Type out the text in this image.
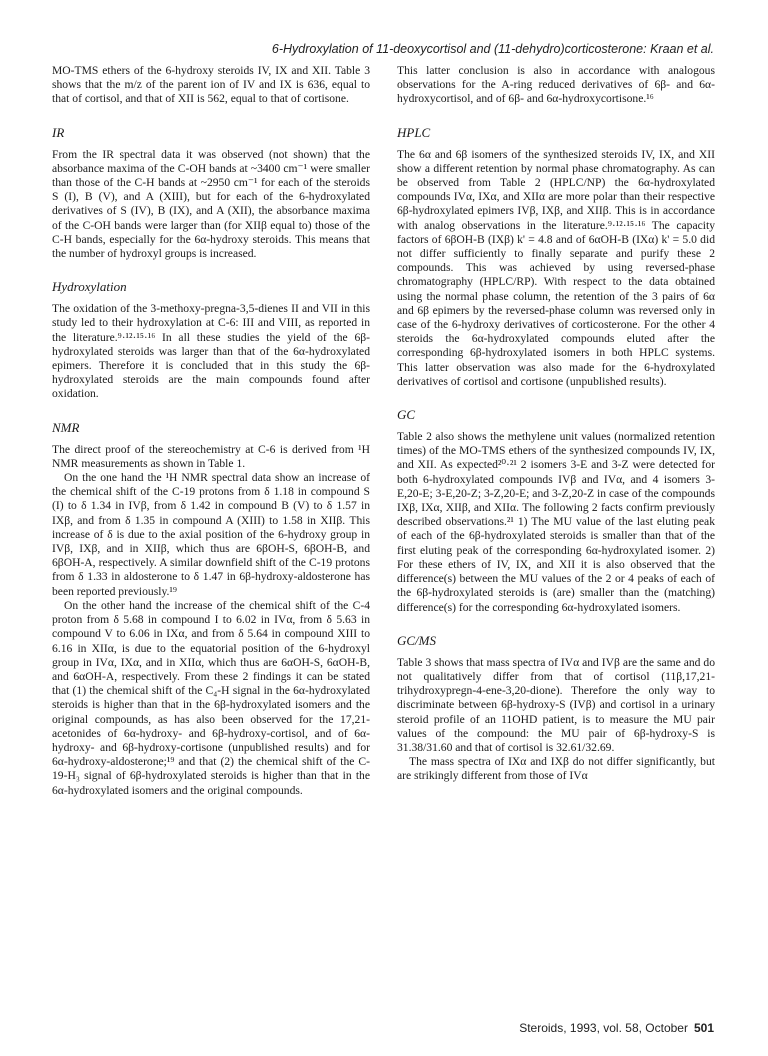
6-Hydroxylation of 11-deoxycortisol and (11-dehydro)corticosterone: Kraan et al.

MO-TMS ethers of the 6-hydroxy steroids IV, IX and XII. Table 3 shows that the m/z of the parent ion of IV and IX is 636, equal to that of cortisol, and that of XII is 562, equal to that of cortisone.

IR

From the IR spectral data it was observed (not shown) that the absorbance maxima of the C-OH bands at ~3400 cm⁻¹ were smaller than those of the C-H bands at ~2950 cm⁻¹ for each of the steroids S (I), B (V), and A (XIII), but for each of the 6-hydroxylated derivatives of S (IV), B (IX), and A (XII), the absorbance maxima of the C-OH bands were larger than (for XIIβ equal to) those of the C-H bands, especially for the 6α-hydroxy steroids. This means that the number of hydroxyl groups is increased.

Hydroxylation

The oxidation of the 3-methoxy-pregna-3,5-dienes II and VII in this study led to their hydroxylation at C-6: III and VIII, as reported in the literature.⁹·¹²·¹⁵·¹⁶ In all these studies the yield of the 6β-hydroxylated steroids was larger than that of the 6α-hydroxylated epimers. Therefore it is concluded that in this study the 6β-hydroxylated steroids are the main compounds found after oxidation.

NMR

The direct proof of the stereochemistry at C-6 is derived from ¹H NMR measurements as shown in Table 1.

On the one hand the ¹H NMR spectral data show an increase of the chemical shift of the C-19 protons from δ 1.18 in compound S (I) to δ 1.34 in IVβ, from δ 1.42 in compound B (V) to δ 1.57 in IXβ, and from δ 1.35 in compound A (XIII) to 1.58 in XIIβ. This increase of δ is due to the axial position of the 6-hydroxy group in IVβ, IXβ, and in XIIβ, which thus are 6βOH-S, 6βOH-B, and 6βOH-A, respectively. A similar downfield shift of the C-19 protons from δ 1.33 in aldosterone to δ 1.47 in 6β-hydroxy-aldosterone has been reported previously.¹⁹

On the other hand the increase of the chemical shift of the C-4 proton from δ 5.68 in compound I to 6.02 in IVα, from δ 5.63 in compound V to 6.06 in IXα, and from δ 5.64 in compound XIII to 6.16 in XIIα, is due to the equatorial position of the 6-hydroxyl group in IVα, IXα, and in XIIα, which thus are 6αOH-S, 6αOH-B, and 6αOH-A, respectively. From these 2 findings it can be stated that (1) the chemical shift of the C₄-H signal in the 6α-hydroxylated steroids is higher than that in the 6β-hydroxylated isomers and the original compounds, as has also been observed for the 17,21-acetonides of 6α-hydroxy- and 6β-hydroxy-cortisol, and of 6α-hydroxy- and 6β-hydroxy-cortisone (unpublished results) and for 6α-hydroxy-aldosterone;¹⁹ and that (2) the chemical shift of the C-19-H₃ signal of 6β-hydroxylated steroids is higher than that in the 6α-hydroxylated isomers and the original compounds.

This latter conclusion is also in accordance with analogous observations for the A-ring reduced derivatives of 6β- and 6α-hydroxycortisol, and of 6β- and 6α-hydroxycortisone.¹⁶

HPLC

The 6α and 6β isomers of the synthesized steroids IV, IX, and XII show a different retention by normal phase chromatography. As can be observed from Table 2 (HPLC/NP) the 6α-hydroxylated compounds IVα, IXα, and XIIα are more polar than their respective 6β-hydroxylated epimers IVβ, IXβ, and XIIβ. This is in accordance with analog observations in the literature.⁹·¹²·¹⁵·¹⁶ The capacity factors of 6βOH-B (IXβ) k' = 4.8 and of 6αOH-B (IXα) k' = 5.0 did not differ sufficiently to finally separate and purify these 2 compounds. This was achieved by using reversed-phase chromatography (HPLC/RP). With respect to the data obtained using the normal phase column, the retention of the 3 pairs of 6α and 6β epimers by the reversed-phase column was reversed only in case of the 6-hydroxy derivatives of corticosterone. For the other 4 steroids the 6α-hydroxylated compounds eluted after the corresponding 6β-hydroxylated isomers in both HPLC systems. This latter observation was also made for the 6-hydroxylated derivatives of cortisol and cortisone (unpublished results).

GC

Table 2 also shows the methylene unit values (normalized retention times) of the MO-TMS ethers of the synthesized compounds IV, IX, and XII. As expected²⁰·²¹ 2 isomers 3-E and 3-Z were detected for both 6-hydroxylated compounds IVβ and IVα, and 4 isomers 3-E,20-E; 3-E,20-Z; 3-Z,20-E; and 3-Z,20-Z in case of the compounds IXβ, IXα, XIIβ, and XIIα. The following 2 facts confirm previously described observations.²¹ 1) The MU value of the last eluting peak of each of the 6β-hydroxylated steroids is smaller than that of the first eluting peak of the corresponding 6α-hydroxylated isomer. 2) For these ethers of IV, IX, and XII it is also observed that the difference(s) between the MU values of the 2 or 4 peaks of each of the 6β-hydroxylated steroids is (are) smaller than the (matching) difference(s) for the corresponding 6α-hydroxylated isomers.

GC/MS

Table 3 shows that mass spectra of IVα and IVβ are the same and do not qualitatively differ from that of cortisol (11β,17,21-trihydroxypregn-4-ene-3,20-dione). Therefore the only way to discriminate between 6β-hydroxy-S (IVβ) and cortisol in a urinary steroid profile of an 11OHD patient, is to measure the MU pair values of the compound: the MU pair of 6β-hydroxy-S is 31.38/31.60 and that of cortisol is 32.61/32.69.

The mass spectra of IXα and IXβ do not differ significantly, but are strikingly different from those of IVα

Steroids, 1993, vol. 58, October 501
